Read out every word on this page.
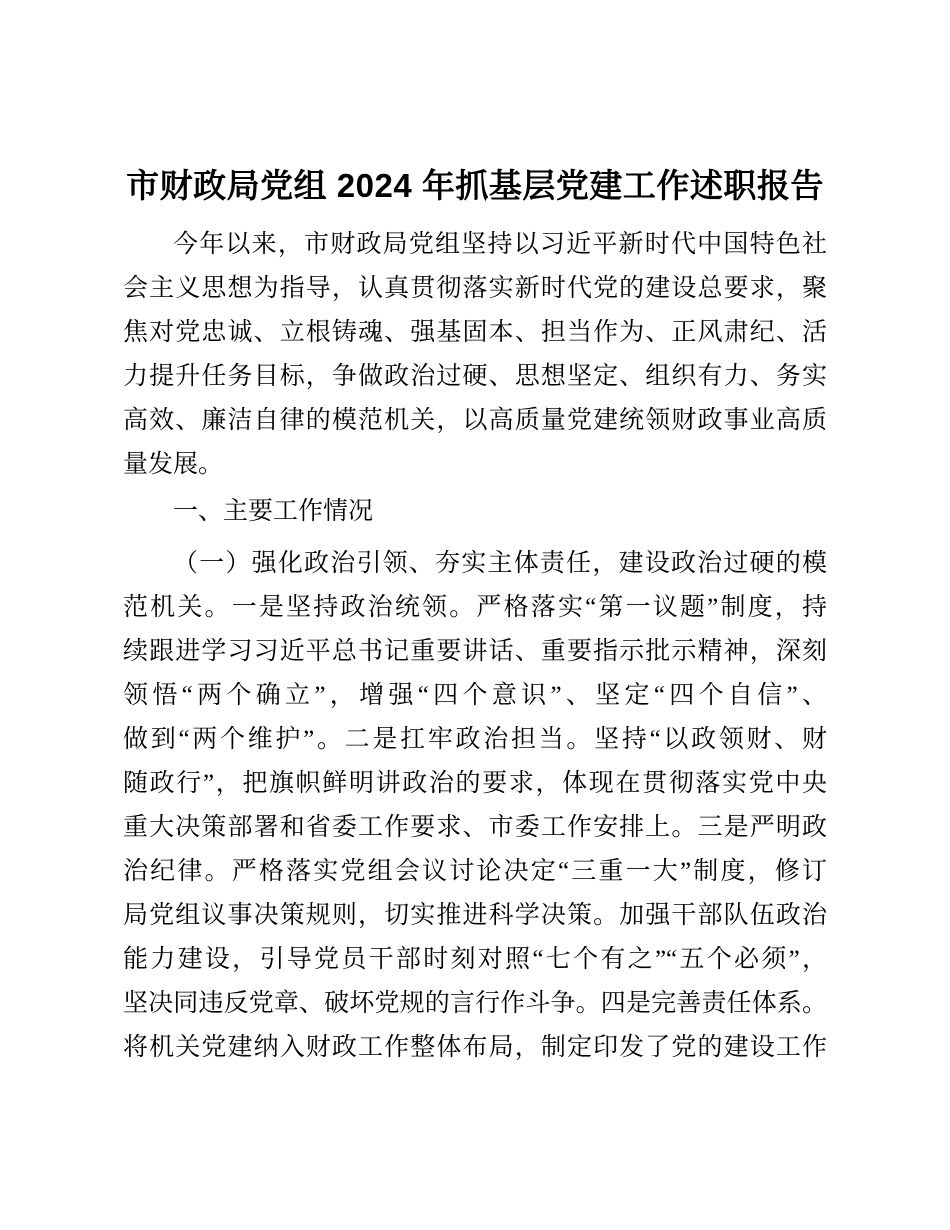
市财政局党组 2024 年抓基层党建工作述职报告
今年以来，市财政局党组坚持以习近平新时代中国特色社
会主义思想为指导，认真贯彻落实新时代党的建设总要求，聚
焦对党忠诚、立根铸魂、强基固本、担当作为、正风肃纪、活
力提升任务目标，争做政治过硬、思想坚定、组织有力、务实
高效、廉洁自律的模范机关，以高质量党建统领财政事业高质
量发展。
一、主要工作情况
（一）强化政治引领、夯实主体责任，建设政治过硬的模
范机关。一是坚持政治统领。严格落实“第一议题”制度，持
续跟进学习习近平总书记重要讲话、重要指示批示精神，深刻
领悟“两个确立”，增强“四个意识”、坚定“四个自信”、
做到“两个维护”。二是扛牢政治担当。坚持“以政领财、财
随政行”，把旗帜鲜明讲政治的要求，体现在贯彻落实党中央
重大决策部署和省委工作要求、市委工作安排上。三是严明政
治纪律。严格落实党组会议讨论决定“三重一大”制度，修订
局党组议事决策规则，切实推进科学决策。加强干部队伍政治
能力建设，引导党员干部时刻对照“七个有之”“五个必须”，
坚决同违反党章、破坏党规的言行作斗争。四是完善责任体系。
将机关党建纳入财政工作整体布局，制定印发了党的建设工作
